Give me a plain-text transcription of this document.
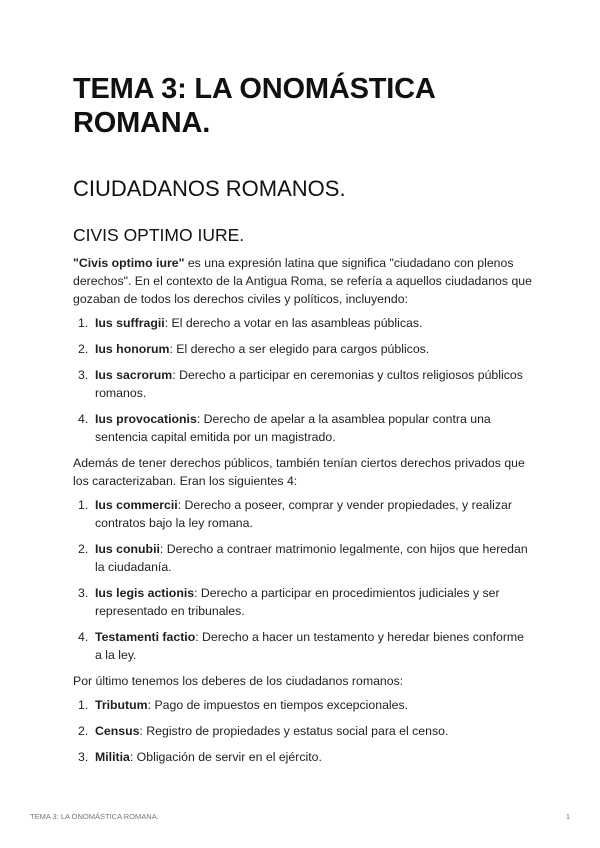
TEMA 3: LA ONOMÁSTICA ROMANA.
CIUDADANOS ROMANOS.
CIVIS OPTIMO IURE.

"Civis optimo iure" es una expresión latina que significa "ciudadano con plenos derechos". En el contexto de la Antigua Roma, se refería a aquellos ciudadanos que gozaban de todos los derechos civiles y políticos, incluyendo:

1. Ius suffragii: El derecho a votar en las asambleas públicas.
2. Ius honorum: El derecho a ser elegido para cargos públicos.
3. Ius sacrorum: Derecho a participar en ceremonias y cultos religiosos públicos romanos.
4. Ius provocationis: Derecho de apelar a la asamblea popular contra una sentencia capital emitida por un magistrado.

Además de tener derechos públicos, también tenían ciertos derechos privados que los caracterizaban. Eran los siguientes 4:

1. Ius commercii: Derecho a poseer, comprar y vender propiedades, y realizar contratos bajo la ley romana.
2. Ius conubii: Derecho a contraer matrimonio legalmente, con hijos que heredan la ciudadanía.
3. Ius legis actionis: Derecho a participar en procedimientos judiciales y ser representado en tribunales.
4. Testamenti factio: Derecho a hacer un testamento y heredar bienes conforme a la ley.

Por último tenemos los deberes de los ciudadanos romanos:

1. Tributum: Pago de impuestos en tiempos excepcionales.
2. Census: Registro de propiedades y estatus social para el censo.
3. Militia: Obligación de servir en el ejército.
TEMA 3: LA ONOMÁSTICA ROMANA.	1
